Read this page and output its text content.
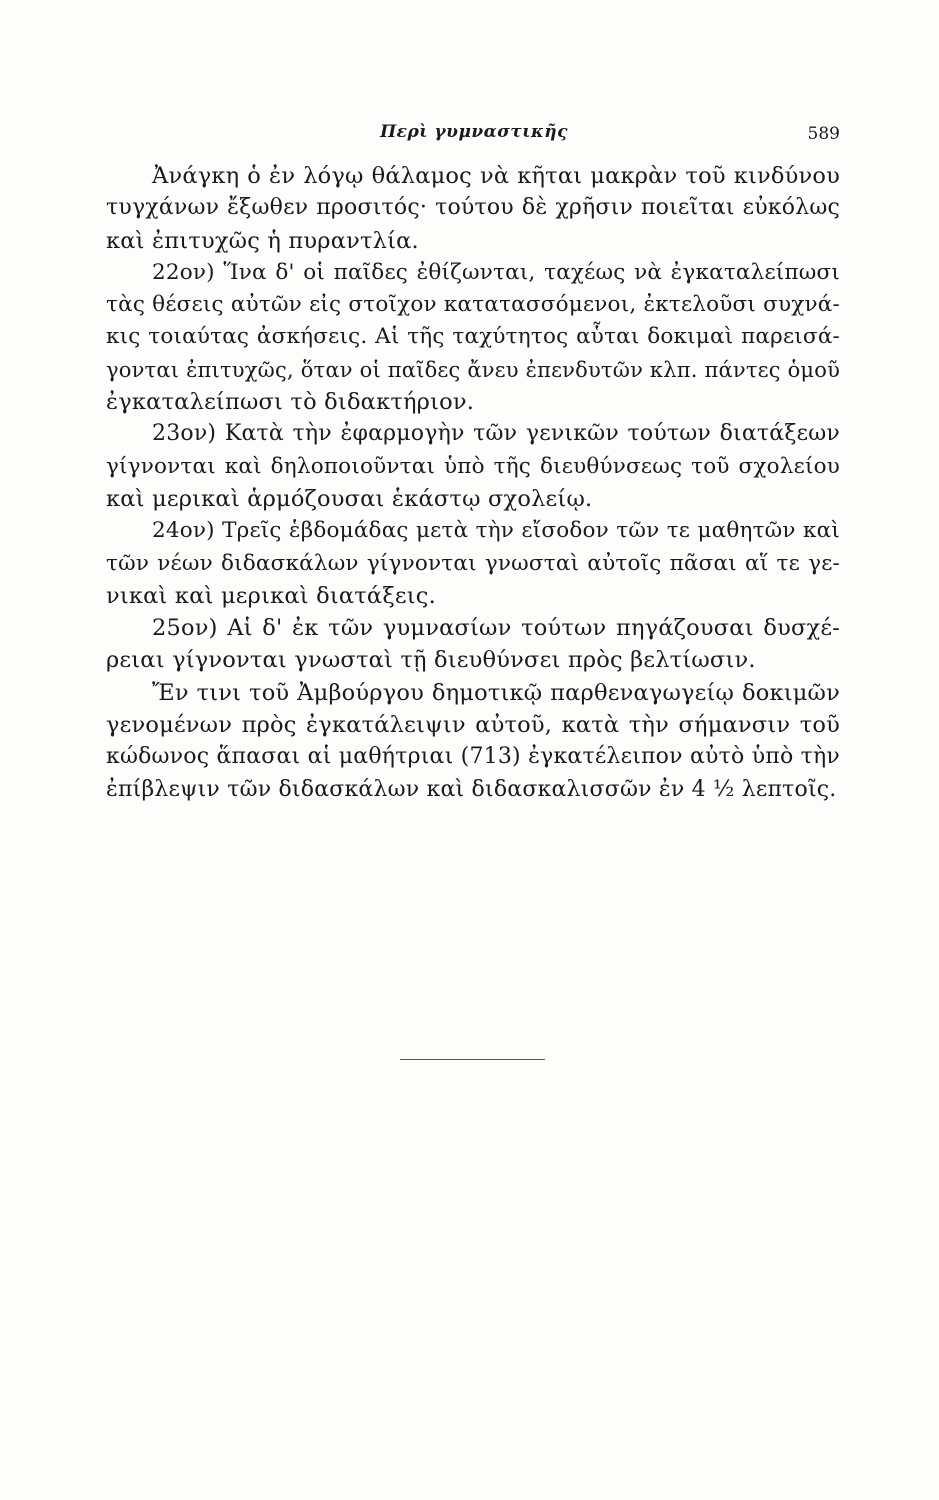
Περὶ γυμναστικῆς	589
Ἀνάγκη ὁ ἐν λόγῳ θάλαμος νὰ κῆται μακρὰν τοῦ κινδύνου
τυγχάνων ἔξωθεν προσιτός· τούτου δὲ χρῆσιν ποιεῖται εὐκόλως
καὶ ἐπιτυχῶς ἡ πυραντλία.
22ον) Ἵνα δ' οἱ παῖδες ἐθίζωνται, ταχέως νὰ ἐγκαταλείπωσι
τὰς θέσεις αὐτῶν εἰς στοῖχον κατατασσόμενοι, ἐκτελοῦσι συχνά-
κις τοιαύτας ἀσκήσεις. Αἱ τῆς ταχύτητος αὗται δοκιμαὶ παρεισά-
γονται ἐπιτυχῶς, ὅταν οἱ παῖδες ἄνευ ἐπενδυτῶν κλπ. πάντες ὁμοῦ
ἐγκαταλείπωσι τὸ διδακτήριον.
23ον) Κατὰ τὴν ἐφαρμογὴν τῶν γενικῶν τούτων διατάξεων
γίγνονται καὶ δηλοποιοῦνται ὑπὸ τῆς διευθύνσεως τοῦ σχολείου
καὶ μερικαὶ ἁρμόζουσαι ἑκάστῳ σχολείῳ.
24ον) Τρεῖς ἑβδομάδας μετὰ τὴν εἴσοδον τῶν τε μαθητῶν καὶ
τῶν νέων διδασκάλων γίγνονται γνωσταὶ αὐτοῖς πᾶσαι αἵ τε γε-
νικαὶ καὶ μερικαὶ διατάξεις.
25ον) Αἱ δ' ἐκ τῶν γυμνασίων τούτων πηγάζουσαι δυσχέ-
ρειαι γίγνονται γνωσταὶ τῇ διευθύνσει πρὸς βελτίωσιν.
Ἔν τινι τοῦ Ἀμβούργου δημοτικῷ παρθεναγωγείῳ δοκιμῶν
γενομένων πρὸς ἐγκατάλειψιν αὐτοῦ, κατὰ τὴν σήμανσιν τοῦ
κώδωνος ἅπασαι αἱ μαθήτριαι (713) ἐγκατέλειπον αὐτὸ ὑπὸ τὴν
ἐπίβλεψιν τῶν διδασκάλων καὶ διδασκαλισσῶν ἐν 4 ½ λεπτοῖς.
